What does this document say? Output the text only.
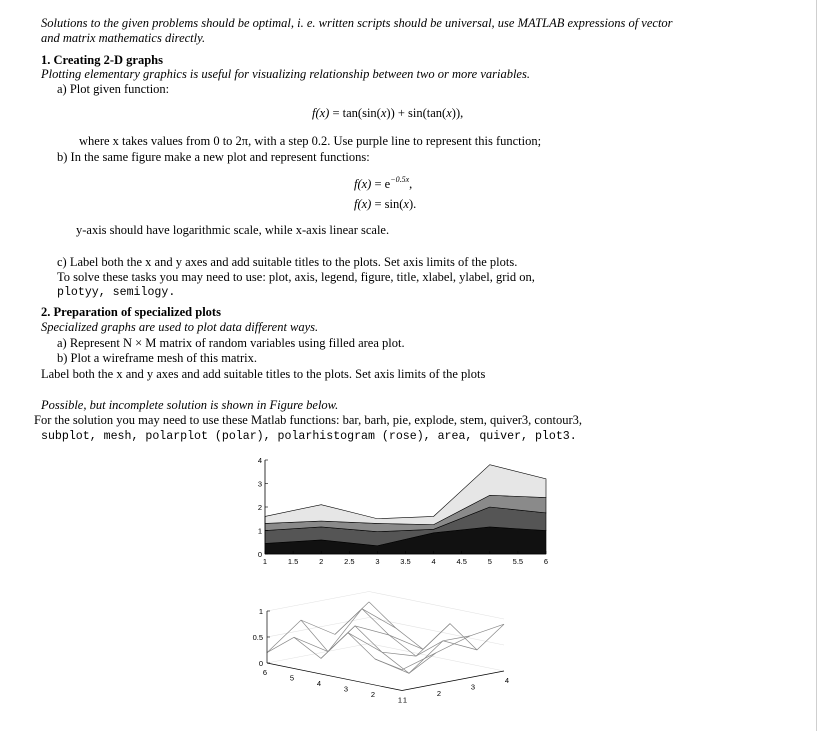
Solutions to the given problems should be optimal, i. e. written scripts should be universal, use MATLAB expressions of vector
and matrix mathematics directly.
1. Creating 2-D graphs
Plotting elementary graphics is useful for visualizing relationship between two or more variables.
a) Plot given function:
f(x) = tan(sin(x)) + sin(tan(x)),
where x takes values from 0 to 2π, with a step 0.2. Use purple line to represent this function;
b) In the same figure make a new plot and represent functions:
$f(x) = e^{-0.5x}$,
f(x) = sin(x).
y-axis should have logarithmic scale, while x-axis linear scale.
c) Label both the x and y axes and add suitable titles to the plots. Set axis limits of the plots.
To solve these tasks you may need to use: plot, axis, legend, figure, title, xlabel, ylabel, grid on,
plotyy, semilogy.
2. Preparation of specialized plots
Specialized graphs are used to plot data different ways.
a) Represent N × M matrix of random variables using filled area plot.
b) Plot a wireframe mesh of this matrix.
Label both the x and y axes and add suitable titles to the plots. Set axis limits of the plots
Possible, but incomplete solution is shown in Figure below.
For the solution you may need to use these Matlab functions: bar, barh, pie, explode, stem, quiver3, contour3,
subplot, mesh, polarplot (polar), polarhistogram (rose), area, quiver, plot3.
0
1
2
3
4
1	1.5	2	2.5	3	3.5	4	4.5	5	5.5	6
0
0.5
1
6
5
4
3
2
1 1
2
3
4
